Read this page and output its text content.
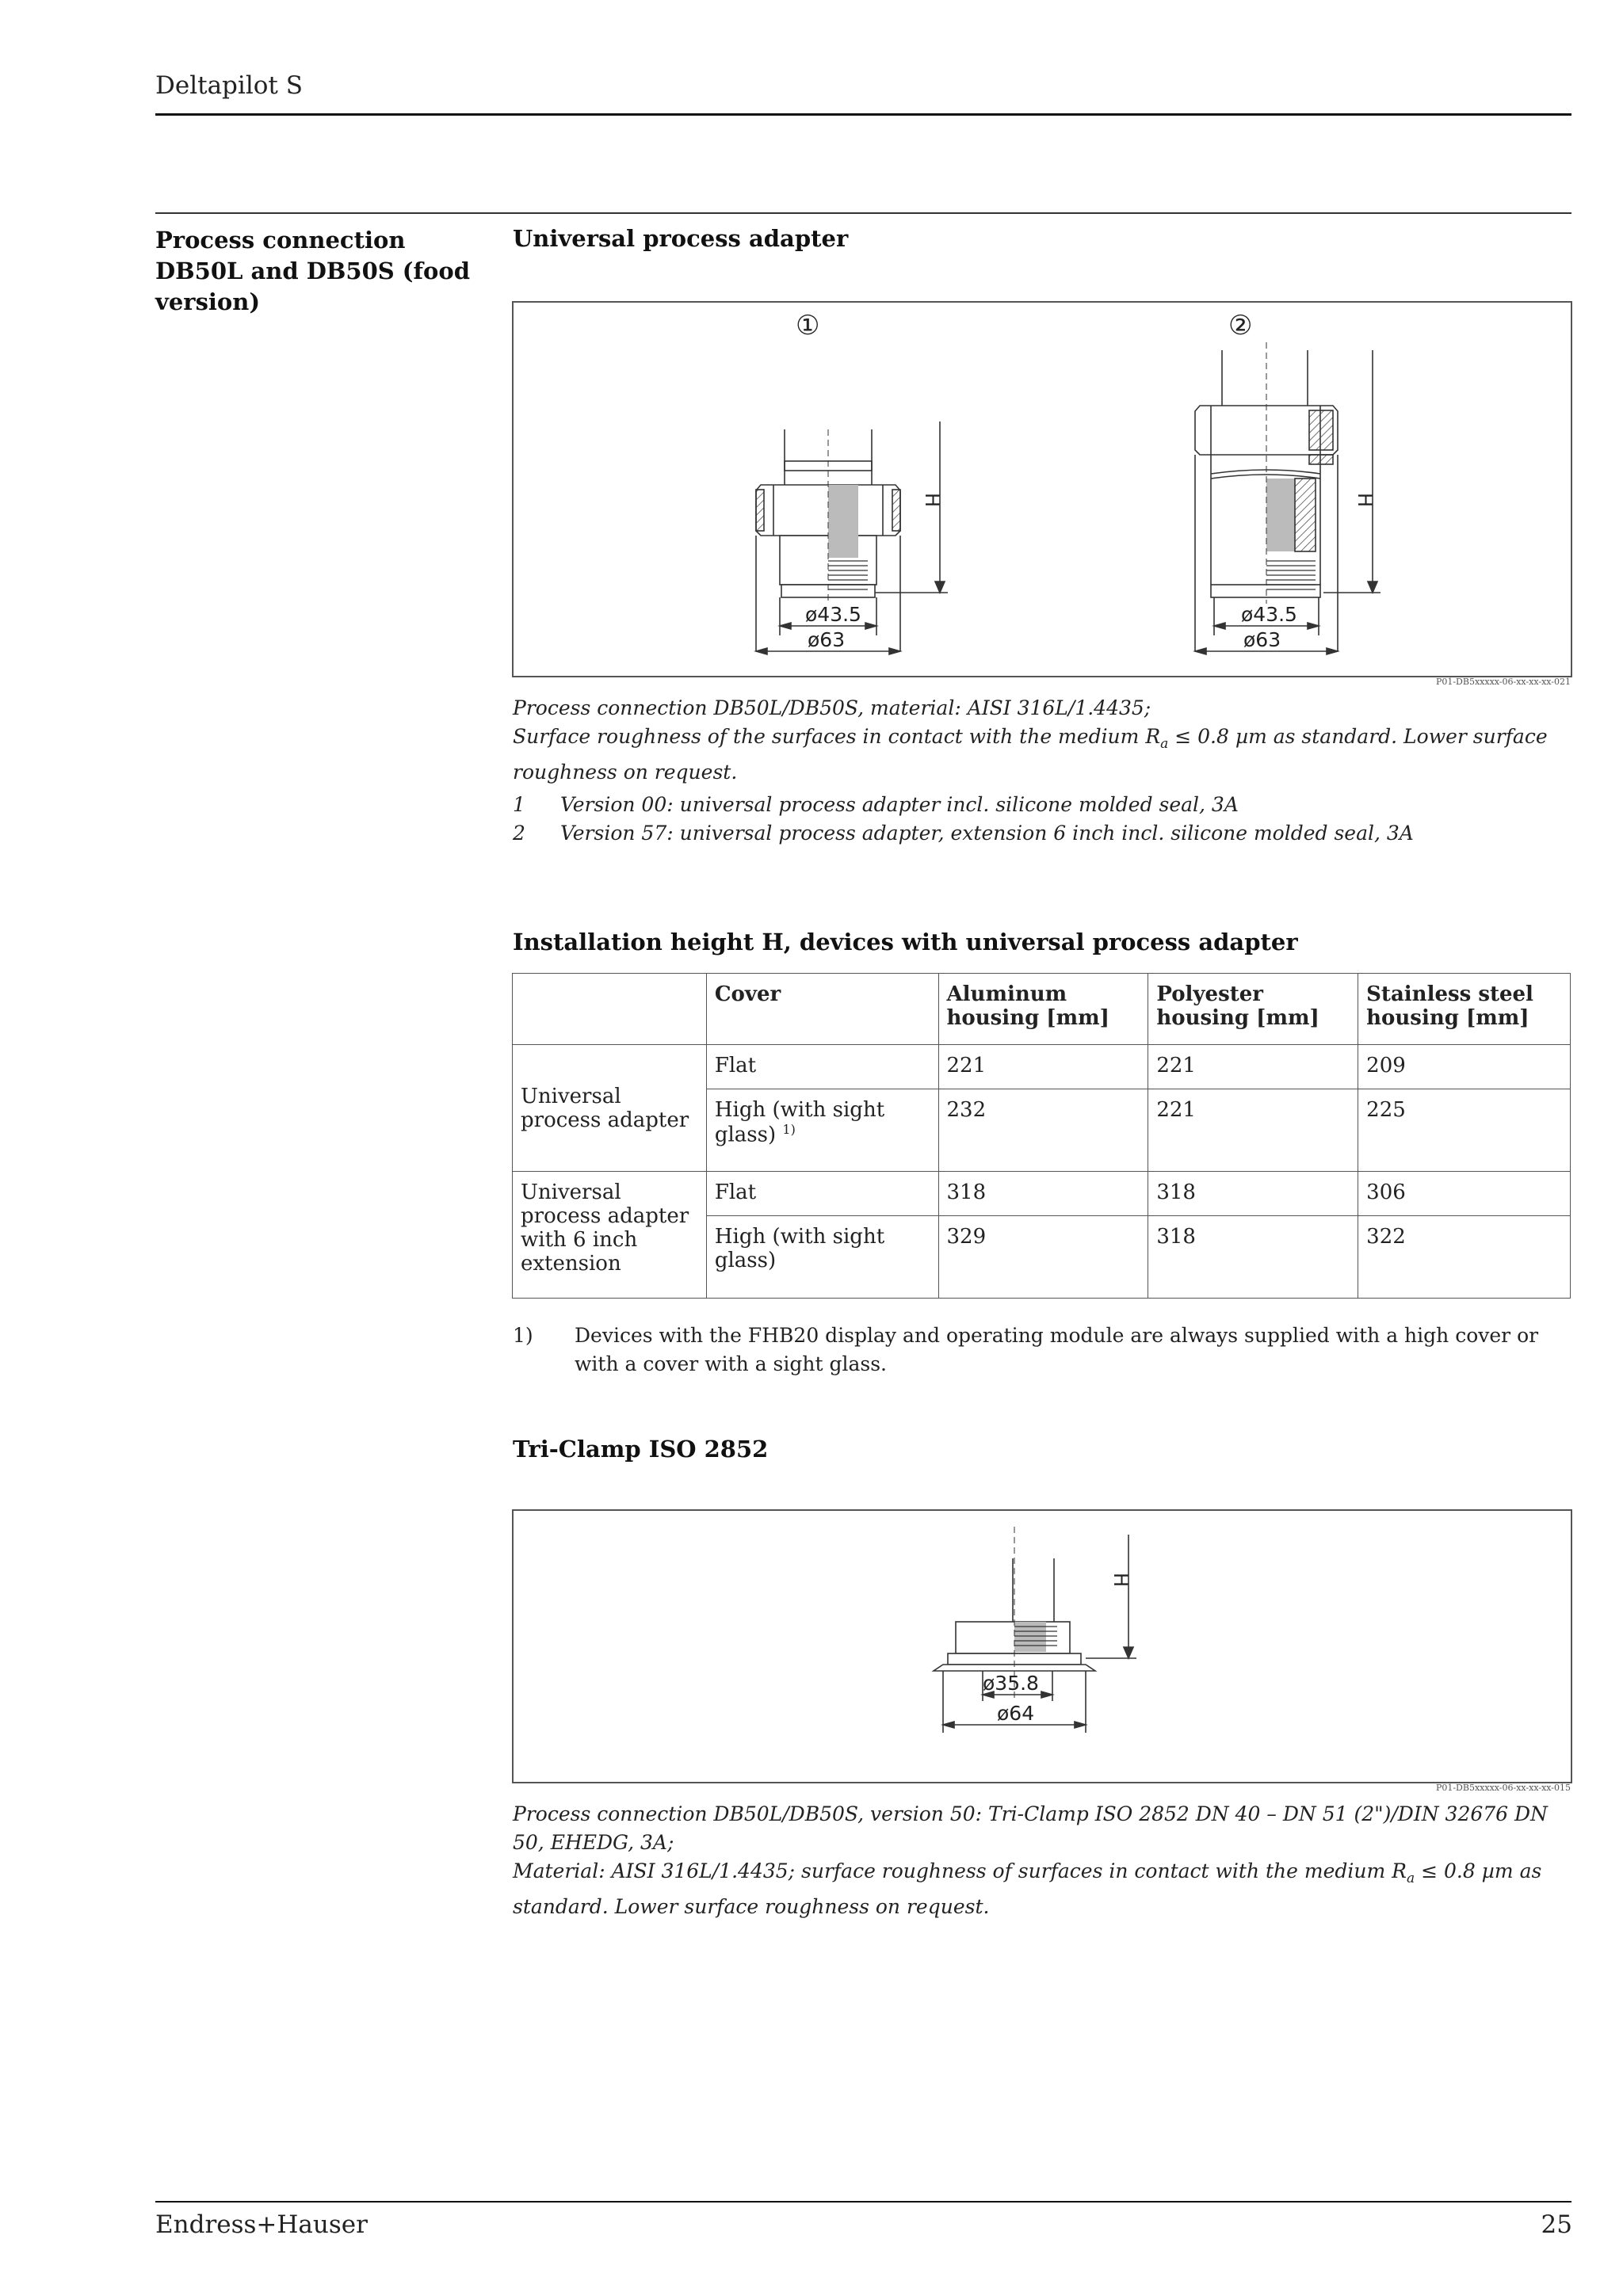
Deltapilot S
Process connection DB50L and DB50S (food version)
Universal process adapter
①	②
H	H
ø43.5
ø63
ø43.5
ø63
P01-DB5xxxxx-06-xx-xx-xx-021
Process connection DB50L/DB50S, material: AISI 316L/1.4435;
Surface roughness of the surfaces in contact with the medium $R_a \le 0.8$ µm as standard. Lower surface roughness on request.
1 Version 00: universal process adapter incl. silicone molded seal, 3A
2 Version 57: universal process adapter, extension 6 inch incl. silicone molded seal, 3A
Installation height H, devices with universal process adapter
	Cover	Aluminum housing [mm]	Polyester housing [mm]	Stainless steel housing [mm]
Universal process adapter	Flat	221	221	209
	High (with sight glass) $^{1)}$	232	221	225
Universal process adapter with 6 inch extension	Flat	318	318	306
	High (with sight glass)	329	318	322
1)	Devices with the FHB20 display and operating module are always supplied with a high cover or with a cover with a sight glass.
Tri-Clamp ISO 2852
H
ø35.8
ø64
P01-DB5xxxxx-06-xx-xx-xx-015
Process connection DB50L/DB50S, version 50: Tri-Clamp ISO 2852 DN 40 – DN 51 (2")/DIN 32676 DN 50, EHEDG, 3A;
Material: AISI 316L/1.4435; surface roughness of surfaces in contact with the medium $R_a \le 0.8$ µm as standard. Lower surface roughness on request.
Endress+Hauser	25
